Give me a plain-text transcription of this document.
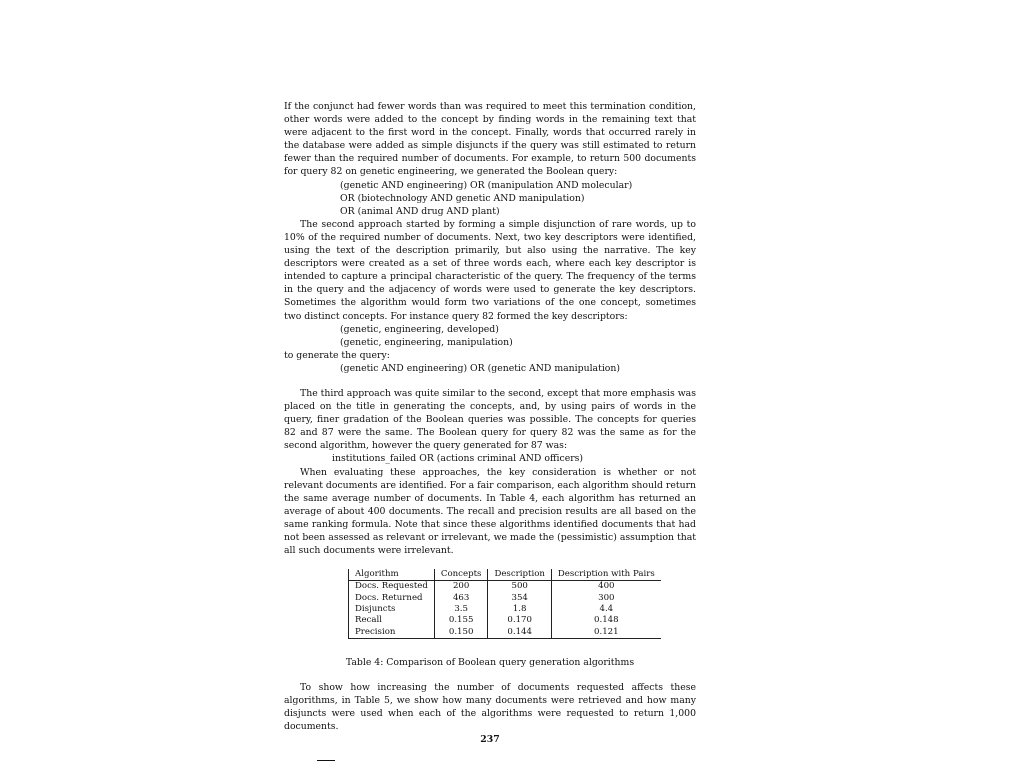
If the conjunct had fewer words than was required to meet this termination condition, other words were added to the concept by finding words in the remaining text that were adjacent to the first word in the concept. Finally, words that occurred rarely in the database were added as simple disjuncts if the query was still estimated to return fewer than the required number of documents. For example, to return 500 documents for query 82 on genetic engineering, we generated the Boolean query:

(genetic AND engineering) OR (manipulation AND molecular)
OR (biotechnology AND genetic AND manipulation)
OR (animal AND drug AND plant)

The second approach started by forming a simple disjunction of rare words, up to 10% of the required number of documents. Next, two key descriptors were identified, using the text of the description primarily, but also using the narrative. The key descriptors were created as a set of three words each, where each key descriptor is intended to capture a principal characteristic of the query. The frequency of the terms in the query and the adjacency of words were used to generate the key descriptors. Sometimes the algorithm would form two variations of the one concept, sometimes two distinct concepts. For instance query 82 formed the key descriptors:

(genetic, engineering, developed)
(genetic, engineering, manipulation)

to generate the query:

(genetic AND engineering) OR (genetic AND manipulation)

The third approach was quite similar to the second, except that more emphasis was placed on the title in generating the concepts, and, by using pairs of words in the query, finer gradation of the Boolean queries was possible. The concepts for queries 82 and 87 were the same. The Boolean query for query 82 was the same as for the second algorithm, however the query generated for 87 was:

institutions_failed OR (actions criminal AND officers)

When evaluating these approaches, the key consideration is whether or not relevant documents are identified. For a fair comparison, each algorithm should return the same average number of documents. In Table 4, each algorithm has returned an average of about 400 documents. The recall and precision results are all based on the same ranking formula. Note that since these algorithms identified documents that had not been assessed as relevant or irrelevant, we made the (pessimistic) assumption that all such documents were irrelevant.

Algorithm	Concepts	Description	Description with Pairs
Docs. Requested	200	500	400
Docs. Returned	463	354	300
Disjuncts	3.5	1.8	4.4
Recall	0.155	0.170	0.148
Precision	0.150	0.144	0.121
Table 4: Comparison of Boolean query generation algorithms

To show how increasing the number of documents requested affects these algorithms, in Table 5, we show how many documents were retrieved and how many disjuncts were used when each of the algorithms were requested to return 1,000 documents.

237
